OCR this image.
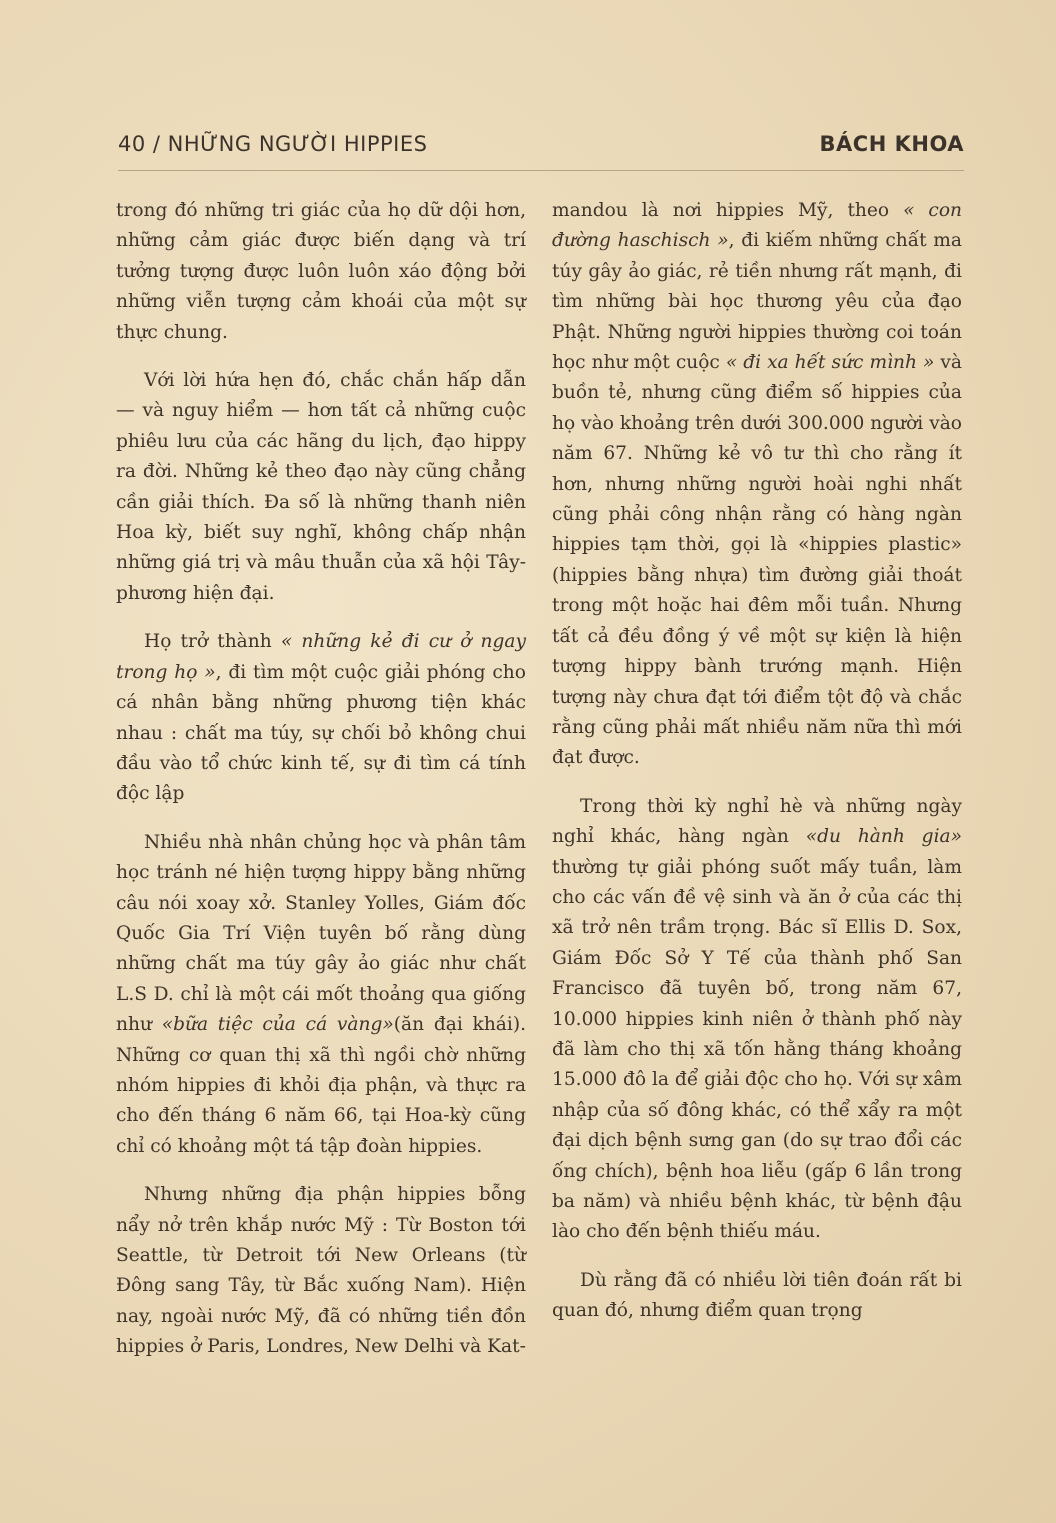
40 / NHỮNG NGƯỜI HIPPIES	BÁCH KHOA

trong đó những tri giác của họ dữ dội hơn, những cảm giác được biến dạng và trí tưởng tượng được luôn luôn xáo động bởi những viễn tượng cảm khoái của một sự thực chung.

Với lời hứa hẹn đó, chắc chắn hấp dẫn — và nguy hiểm — hơn tất cả những cuộc phiêu lưu của các hãng du lịch, đạo hippy ra đời. Những kẻ theo đạo này cũng chẳng cần giải thích. Đa số là những thanh niên Hoa kỳ, biết suy nghĩ, không chấp nhận những giá trị và mâu thuẫn của xã hội Tây-phương hiện đại.

Họ trở thành « những kẻ đi cư ở ngay trong họ », đi tìm một cuộc giải phóng cho cá nhân bằng những phương tiện khác nhau : chất ma túy, sự chối bỏ không chui đầu vào tổ chức kinh tế, sự đi tìm cá tính độc lập

Nhiều nhà nhân chủng học và phân tâm học tránh né hiện tượng hippy bằng những câu nói xoay xở. Stanley Yolles, Giám đốc Quốc Gia Trí Viện tuyên bố rằng dùng những chất ma túy gây ảo giác như chất L.S D. chỉ là một cái mốt thoảng qua giống như «bữa tiệc của cá vàng»(ăn đại khái). Những cơ quan thị xã thì ngồi chờ những nhóm hippies đi khỏi địa phận, và thực ra cho đến tháng 6 năm 66, tại Hoa-kỳ cũng chỉ có khoảng một tá tập đoàn hippies.

Nhưng những địa phận hippies bỗng nẩy nở trên khắp nước Mỹ : Từ Boston tới Seattle, từ Detroit tới New Orleans (từ Đông sang Tây, từ Bắc xuống Nam). Hiện nay, ngoài nước Mỹ, đã có những tiền đồn hippies ở Paris, Londres, New Delhi và Kat-

mandou là nơi hippies Mỹ, theo « con đường haschisch », đi kiếm những chất ma túy gây ảo giác, rẻ tiền nhưng rất mạnh, đi tìm những bài học thương yêu của đạo Phật. Những người hippies thường coi toán học như một cuộc « đi xa hết sức mình » và buồn tẻ, nhưng cũng điểm số hippies của họ vào khoảng trên dưới 300.000 người vào năm 67. Những kẻ vô tư thì cho rằng ít hơn, nhưng những người hoài nghi nhất cũng phải công nhận rằng có hàng ngàn hippies tạm thời, gọi là «hippies plastic» (hippies bằng nhựa) tìm đường giải thoát trong một hoặc hai đêm mỗi tuần. Nhưng tất cả đều đồng ý về một sự kiện là hiện tượng hippy bành trướng mạnh. Hiện tượng này chưa đạt tới điểm tột độ và chắc rằng cũng phải mất nhiều năm nữa thì mới đạt được.

Trong thời kỳ nghỉ hè và những ngày nghỉ khác, hàng ngàn «du hành gia» thường tự giải phóng suốt mấy tuần, làm cho các vấn đề vệ sinh và ăn ở của các thị xã trở nên trầm trọng. Bác sĩ Ellis D. Sox, Giám Đốc Sở Y Tế của thành phố San Francisco đã tuyên bố, trong năm 67, 10.000 hippies kinh niên ở thành phố này đã làm cho thị xã tốn hằng tháng khoảng 15.000 đô la để giải độc cho họ. Với sự xâm nhập của số đông khác, có thể xẩy ra một đại dịch bệnh sưng gan (do sự trao đổi các ống chích), bệnh hoa liễu (gấp 6 lần trong ba năm) và nhiều bệnh khác, từ bệnh đậu lào cho đến bệnh thiếu máu.

Dù rằng đã có nhiều lời tiên đoán rất bi quan đó, nhưng điểm quan trọng
